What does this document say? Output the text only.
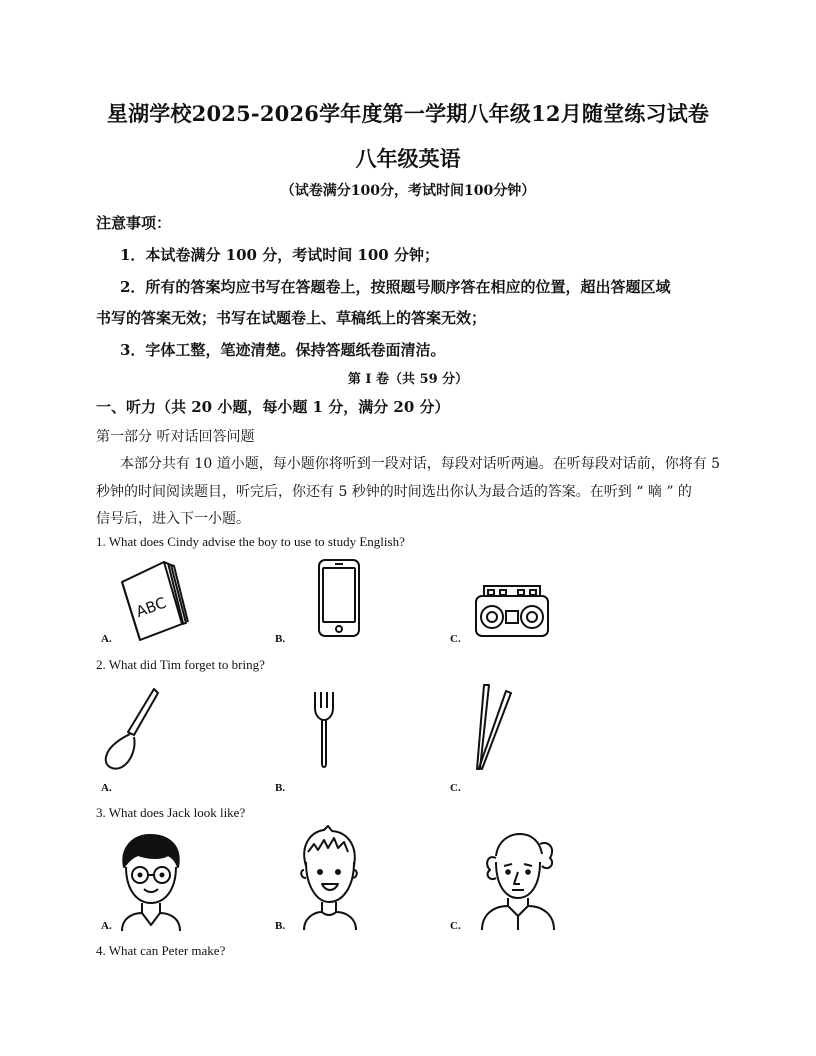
星湖学校2025-2026学年度第一学期八年级12月随堂练习试卷
八年级英语
（试卷满分100分，考试时间100分钟）
注意事项：
1．本试卷满分 100 分，考试时间 100 分钟；
2．所有的答案均应书写在答题卷上，按照题号顺序答在相应的位置，超出答题区域
书写的答案无效；书写在试题卷上、草稿纸上的答案无效；
3．字体工整，笔迹清楚。保持答题纸卷面清洁。
第 I 卷（共 59 分）
一、听力（共 20 小题，每小题 1 分，满分 20 分）
第一部分 听对话回答问题
本部分共有 10 道小题，每小题你将听到一段对话，每段对话听两遍。在听每段对话前，你将有 5
秒钟的时间阅读题目，听完后，你还有 5 秒钟的时间选出你认为最合适的答案。在听到 “ 嘀 ” 的
信号后，进入下一小题。
1. What does Cindy advise the boy to use to study English?
ABC
A.	B.	C.
2. What did Tim forget to bring?
A.	B.	C.
3. What does Jack look like?
A.	B.	C.
4. What can Peter make?
